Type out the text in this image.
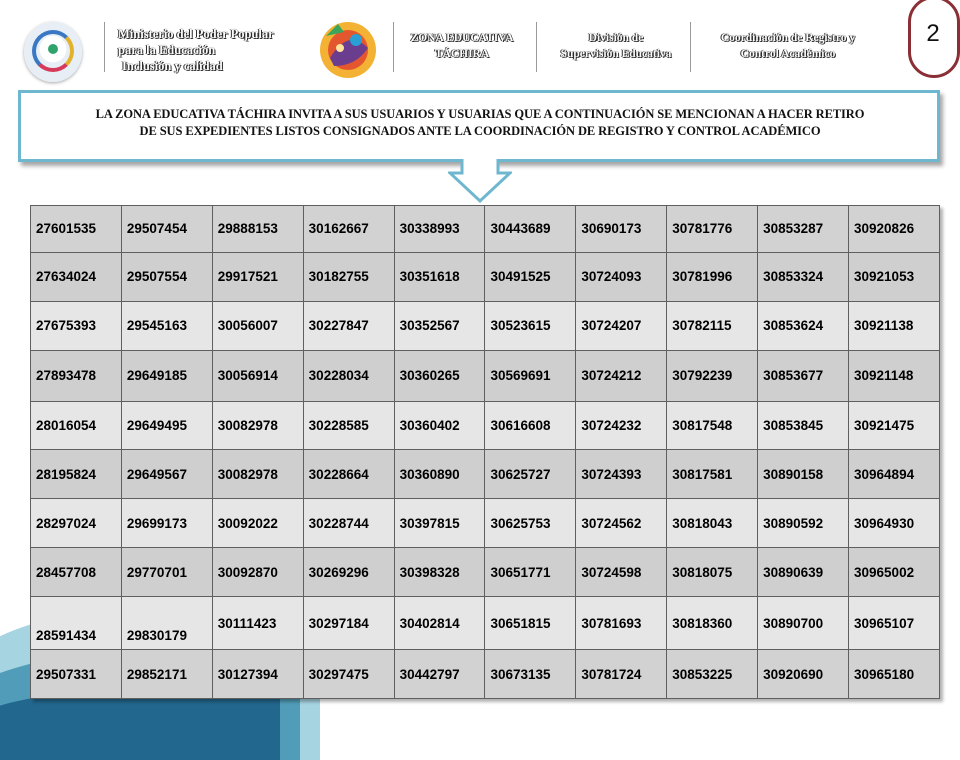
Ministerio del Poder Popular
para la Educación
Inclusión y calidad
ZONA EDUCATIVA
TÁCHIRA
División de
Supervisión Educativa
Coordinación de Registro y
Control Académico
2
LA ZONA EDUCATIVA TÁCHIRA INVITA A SUS USUARIOS Y USUARIAS QUE A CONTINUACIÓN SE MENCIONAN A HACER RETIRO
DE SUS EXPEDIENTES LISTOS CONSIGNADOS ANTE LA COORDINACIÓN DE REGISTRO Y CONTROL ACADÉMICO
27601535	29507454	29888153	30162667	30338993	30443689	30690173	30781776	30853287	30920826
27634024	29507554	29917521	30182755	30351618	30491525	30724093	30781996	30853324	30921053
27675393	29545163	30056007	30227847	30352567	30523615	30724207	30782115	30853624	30921138
27893478	29649185	30056914	30228034	30360265	30569691	30724212	30792239	30853677	30921148
28016054	29649495	30082978	30228585	30360402	30616608	30724232	30817548	30853845	30921475
28195824	29649567	30082978	30228664	30360890	30625727	30724393	30817581	30890158	30964894
28297024	29699173	30092022	30228744	30397815	30625753	30724562	30818043	30890592	30964930
28457708	29770701	30092870	30269296	30398328	30651771	30724598	30818075	30890639	30965002
28591434	29830179	30111423	30297184	30402814	30651815	30781693	30818360	30890700	30965107
29507331	29852171	30127394	30297475	30442797	30673135	30781724	30853225	30920690	30965180
